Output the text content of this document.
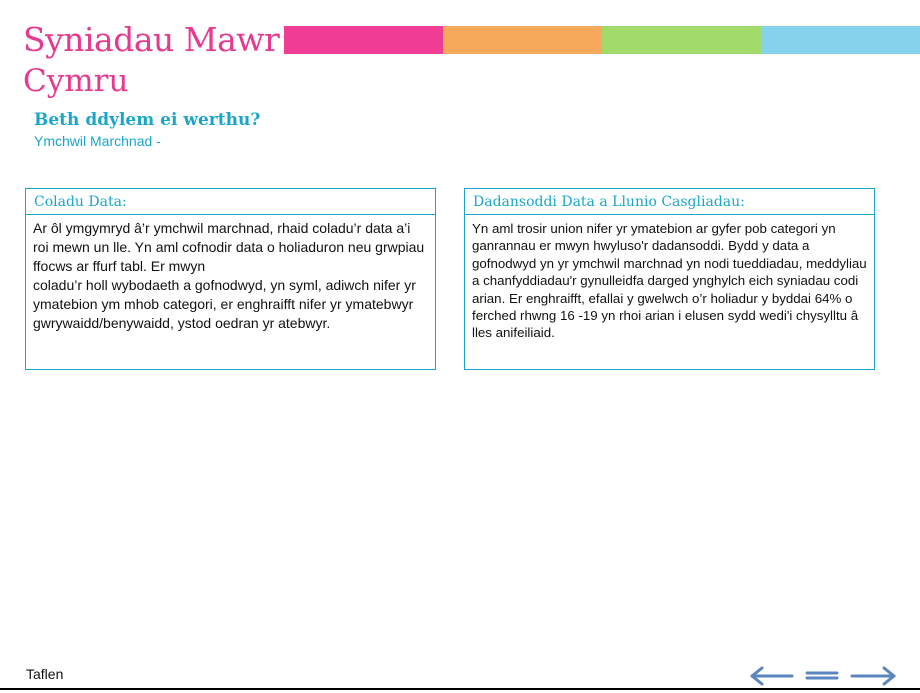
Syniadau Mawr
Cymru
Beth ddylem ei werthu?
Ymchwil Marchnad -
Coladu Data:
Ar ôl ymgymryd â’r ymchwil marchnad, rhaid coladu’r data a’i roi mewn un lle. Yn aml cofnodir data o holiaduron neu grwpiau ffocws ar ffurf tabl. Er mwyn
coladu’r holl wybodaeth a gofnodwyd, yn syml, adiwch nifer yr ymatebion ym mhob categori, er enghraifft nifer yr ymatebwyr gwrywaidd/benywaidd, ystod oedran yr atebwyr.
Dadansoddi Data a Llunio Casgliadau:
Yn aml trosir union nifer yr ymatebion ar gyfer pob categori yn ganrannau er mwyn hwyluso'r dadansoddi. Bydd y data a gofnodwyd yn yr ymchwil marchnad yn nodi tueddiadau, meddyliau a chanfyddiadau'r gynulleidfa darged ynghylch eich syniadau codi arian. Er enghraifft, efallai y gwelwch o’r holiadur y byddai 64% o ferched rhwng 16 -19 yn rhoi arian i elusen sydd wedi'i chysylltu â lles anifeiliaid.
Taflen
